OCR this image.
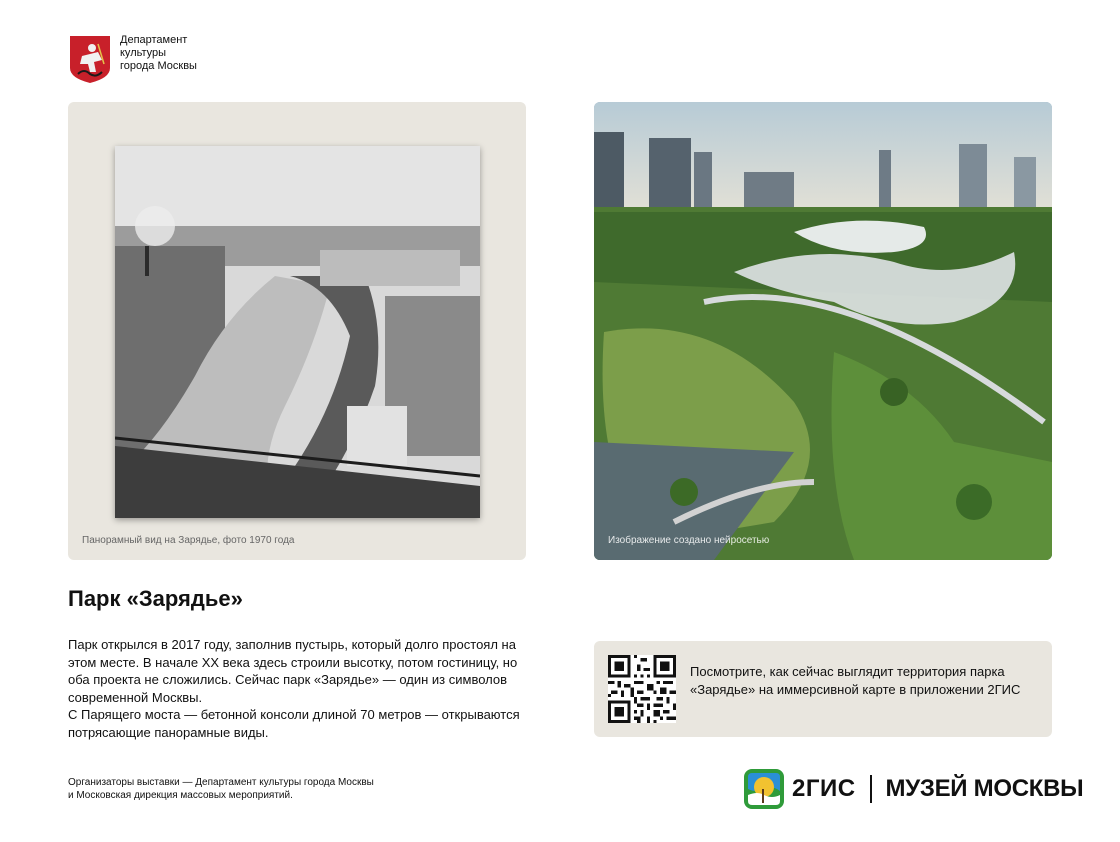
Департамент
культуры
города Москвы
Панорамный вид на Зарядье, фото 1970 года	Изображение создано нейросетью
Парк «Зарядье»

Парк открылся в 2017 году, заполнив пустырь, который долго простоял на этом месте. В начале XX века здесь строили высотку, потом гостиницу, но оба проекта не сложились. Сейчас парк «Зарядье» — один из символов современной Москвы.

С Парящего моста — бетонной консоли длиной 70 метров — открываются потрясающие панорамные виды.

Посмотрите, как сейчас выглядит территория парка «Зарядье» на иммерсивной карте в приложении 2ГИС
Организаторы выставки — Департамент культуры города Москвы
и Московская дирекция массовых мероприятий.	2ГИС МУЗЕЙ МОСКВЫ
